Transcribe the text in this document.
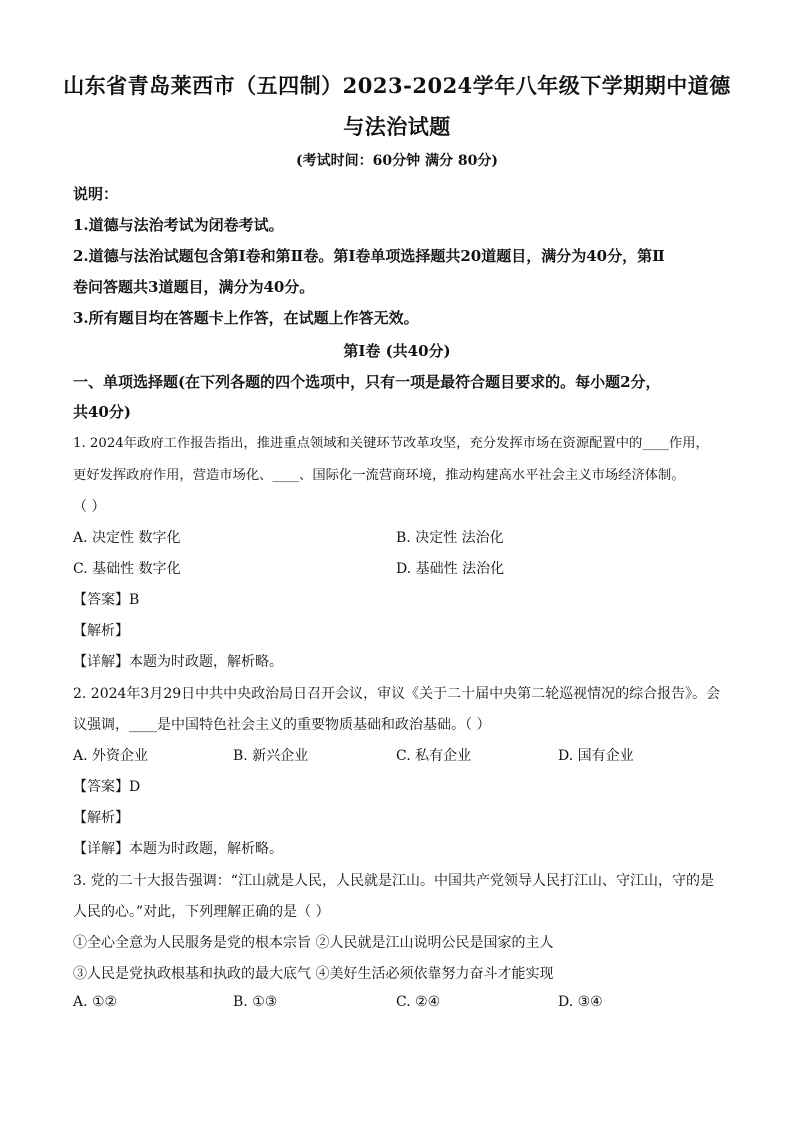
山东省青岛莱西市（五四制）2023-2024学年八年级下学期期中道德
与法治试题
(考试时间：60分钟 满分 80分)
说明：
1.道德与法治考试为闭卷考试。
2.道德与法治试题包含第Ⅰ卷和第Ⅱ卷。第Ⅰ卷单项选择题共20道题目，满分为40分，第Ⅱ
卷问答题共3道题目，满分为40分。
3.所有题目均在答题卡上作答，在试题上作答无效。
第Ⅰ卷 (共40分)
一、单项选择题(在下列各题的四个选项中，只有一项是最符合题目要求的。每小题2分，
共40分)
1. 2024年政府工作报告指出，推进重点领域和关键环节改革攻坚，充分发挥市场在资源配置中的____作用，
更好发挥政府作用，营造市场化、____、国际化一流营商环境，推动构建高水平社会主义市场经济体制。
（ ）
A. 决定性 数字化	B. 决定性 法治化
C. 基础性 数字化	D. 基础性 法治化
【答案】B
【解析】
【详解】本题为时政题，解析略。
2. 2024年3月29日中共中央政治局日召开会议，审议《关于二十届中央第二轮巡视情况的综合报告》。会
议强调，____是中国特色社会主义的重要物质基础和政治基础。（ ）
A. 外资企业	B. 新兴企业	C. 私有企业	D. 国有企业
【答案】D
【解析】
【详解】本题为时政题，解析略。
3. 党的二十大报告强调：“江山就是人民，人民就是江山。中国共产党领导人民打江山、守江山，守的是
人民的心。”对此，下列理解正确的是（ ）
①全心全意为人民服务是党的根本宗旨 ②人民就是江山说明公民是国家的主人
③人民是党执政根基和执政的最大底气 ④美好生活必须依靠努力奋斗才能实现
A. ①②	B. ①③	C. ②④	D. ③④
